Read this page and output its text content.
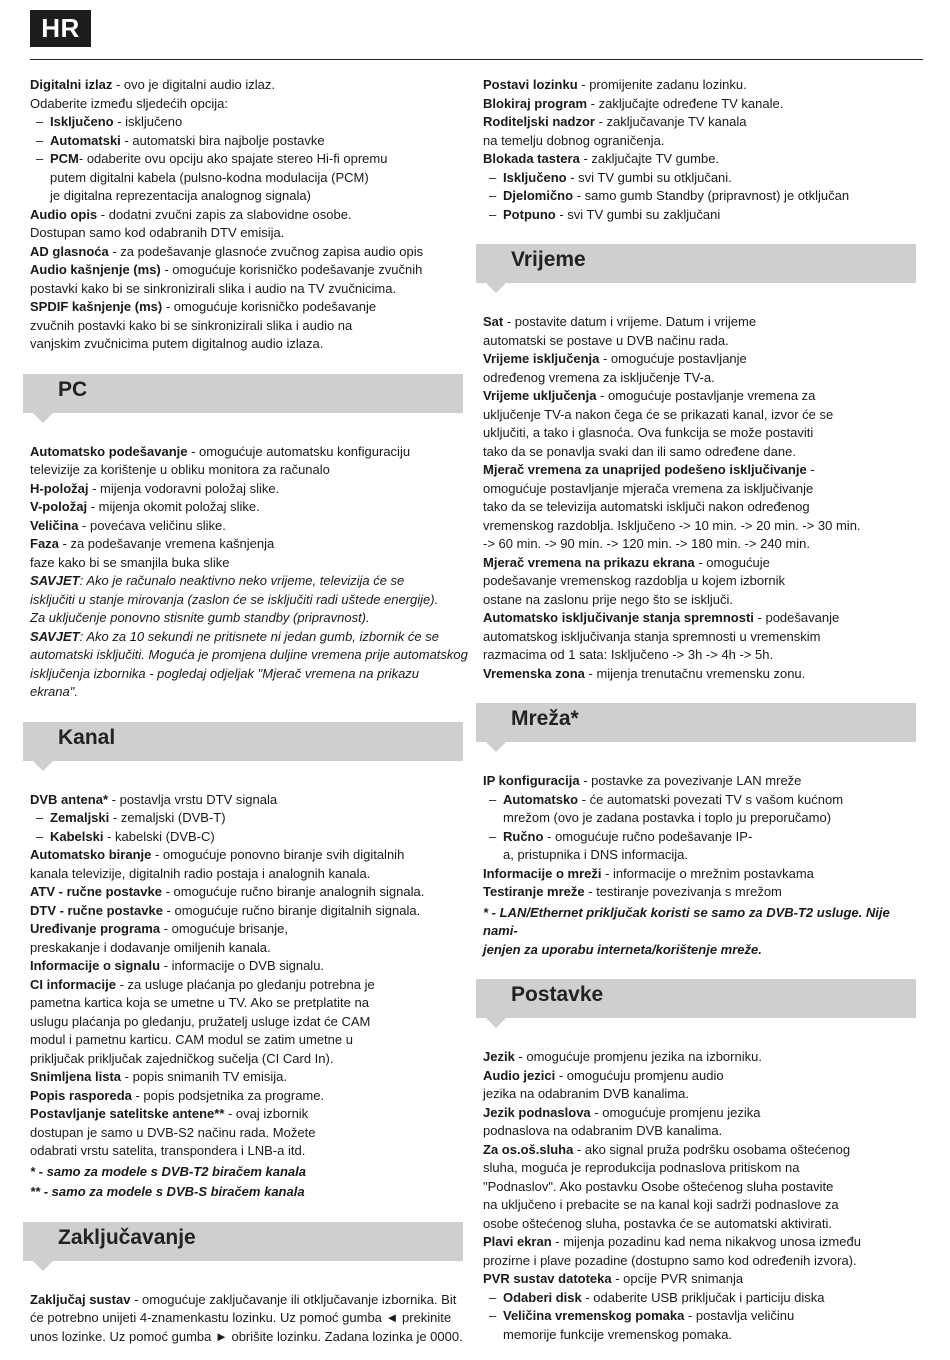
HR

Digitalni izlaz - ovo je digitalni audio izlaz.

Odaberite između sljedećih opcija:

– Isključeno - isključeno

– Automatski - automatski bira najbolje postavke

– PCM- odaberite ovu opciju ako spajate stereo Hi-fi opremu

putem digitalni kabela (pulsno-kodna modulacija (PCM)

je digitalna reprezentacija analognog signala)

Audio opis - dodatni zvučni zapis za slabovidne osobe.

Dostupan samo kod odabranih DTV emisija.

AD glasnoća - za podešavanje glasnoće zvučnog zapisa audio opis

Audio kašnjenje (ms) - omogućuje korisničko podešavanje zvučnih

postavki kako bi se sinkronizirali slika i audio na TV zvučnicima.

SPDIF kašnjenje (ms) - omogućuje korisničko podešavanje

zvučnih postavki kako bi se sinkronizirali slika i audio na

vanjskim zvučnicima putem digitalnog audio izlaza.

PC

Automatsko podešavanje - omogućuje automatsku konfiguraciju

televizije za korištenje u obliku monitora za računalo

H-položaj - mijenja vodoravni položaj slike.

V-položaj - mijenja okomit položaj slike.

Veličina - povećava veličinu slike.

Faza - za podešavanje vremena kašnjenja

faze kako bi se smanjila buka slike

SAVJET: Ako je računalo neaktivno neko vrijeme, televizija će se

isključiti u stanje mirovanja (zaslon će se isključiti radi uštede energije).

Za uključenje ponovno stisnite gumb standby (pripravnost).

SAVJET: Ako za 10 sekundi ne pritisnete ni jedan gumb, izbornik će se

automatski isključiti. Moguća je promjena duljine vremena prije automatskog

isključenja izbornika - pogledaj odjeljak "Mjerač vremena na prikazu ekrana".

Kanal

DVB antena* - postavlja vrstu DTV signala

– Zemaljski - zemaljski (DVB-T)

– Kabelski - kabelski (DVB-C)

Automatsko biranje - omogućuje ponovno biranje svih digitalnih

kanala televizije, digitalnih radio postaja i analognih kanala.

ATV - ručne postavke - omogućuje ručno biranje analognih signala.

DTV - ručne postavke - omogućuje ručno biranje digitalnih signala.

Uređivanje programa - omogućuje brisanje,

preskakanje i dodavanje omiljenih kanala.

Informacije o signalu - informacije o DVB signalu.

CI informacije - za usluge plaćanja po gledanju potrebna je

pametna kartica koja se umetne u TV. Ako se pretplatite na

uslugu plaćanja po gledanju, pružatelj usluge izdat će CAM

modul i pametnu karticu. CAM modul se zatim umetne u

priključak priključak zajedničkog sučelja (CI Card In).

Snimljena lista - popis snimanih TV emisija.

Popis rasporeda - popis podsjetnika za programe.

Postavljanje satelitske antene** - ovaj izbornik

dostupan je samo u DVB-S2 načinu rada. Možete

odabrati vrstu satelita, transpondera i LNB-a itd.

* - samo za modele s DVB-T2 biračem kanala

** - samo za modele s DVB-S biračem kanala

Zaključavanje

Zaključaj sustav - omogućuje zaključavanje ili otključavanje izbornika. Bit

će potrebno unijeti 4-znamenkastu lozinku. Uz pomoć gumba ◄ prekinite

unos lozinke. Uz pomoć gumba ► obrišite lozinku. Zadana lozinka je 0000.

Postavi lozinku - promijenite zadanu lozinku.

Blokiraj program - zaključajte određene TV kanale.

Roditeljski nadzor - zaključavanje TV kanala

na temelju dobnog ograničenja.

Blokada tastera - zaključajte TV gumbe.

– Isključeno - svi TV gumbi su otključani.

– Djelomično - samo gumb Standby (pripravnost) je otključan

– Potpuno - svi TV gumbi su zaključani

Vrijeme

Sat - postavite datum i vrijeme. Datum i vrijeme

automatski se postave u DVB načinu rada.

Vrijeme isključenja - omogućuje postavljanje

određenog vremena za isključenje TV-a.

Vrijeme uključenja - omogućuje postavljanje vremena za

uključenje TV-a nakon čega će se prikazati kanal, izvor će se

uključiti, a tako i glasnoća. Ova funkcija se može postaviti

tako da se ponavlja svaki dan ili samo određene dane.

Mjerač vremena za unaprijed podešeno isključivanje -

omogućuje postavljanje mjerača vremena za isključivanje

tako da se televizija automatski isključi nakon određenog

vremenskog razdoblja. Isključeno -> 10 min. -> 20 min. -> 30 min.

-> 60 min. -> 90 min. -> 120 min. -> 180 min. -> 240 min.

Mjerač vremena na prikazu ekrana - omogućuje

podešavanje vremenskog razdoblja u kojem izbornik

ostane na zaslonu prije nego što se isključi.

Automatsko isključivanje stanja spremnosti - podešavanje

automatskog isključivanja stanja spremnosti u vremenskim

razmacima od 1 sata: Isključeno -> 3h -> 4h -> 5h.

Vremenska zona - mijenja trenutačnu vremensku zonu.

Mreža*

IP konfiguracija - postavke za povezivanje LAN mreže

– Automatsko - će automatski povezati TV s vašom kućnom

mrežom (ovo je zadana postavka i toplo ju preporučamo)

– Ručno - omogućuje ručno podešavanje IP-

a, pristupnika i DNS informacija.

Informacije o mreži - informacije o mrežnim postavkama

Testiranje mreže - testiranje povezivanja s mrežom

* - LAN/Ethernet priključak koristi se samo za DVB-T2 usluge. Nije nami-

jenjen za uporabu interneta/korištenje mreže.

Postavke

Jezik - omogućuje promjenu jezika na izborniku.

Audio jezici - omogućuju promjenu audio

jezika na odabranim DVB kanalima.

Jezik podnaslova - omogućuje promjenu jezika

podnaslova na odabranim DVB kanalima.

Za os.oš.sluha - ako signal pruža podršku osobama oštećenog

sluha, moguća je reprodukcija podnaslova pritiskom na

"Podnaslov". Ako postavku Osobe oštećenog sluha postavite

na uključeno i prebacite se na kanal koji sadrži podnaslove za

osobe oštećenog sluha, postavka će se automatski aktivirati.

Plavi ekran - mijenja pozadinu kad nema nikakvog unosa između

prozirne i plave pozadine (dostupno samo kod određenih izvora).

PVR sustav datoteka - opcije PVR snimanja

– Odaberi disk - odaberite USB priključak i particiju diska

– Veličina vremenskog pomaka - postavlja veličinu

memorije funkcije vremenskog pomaka.
